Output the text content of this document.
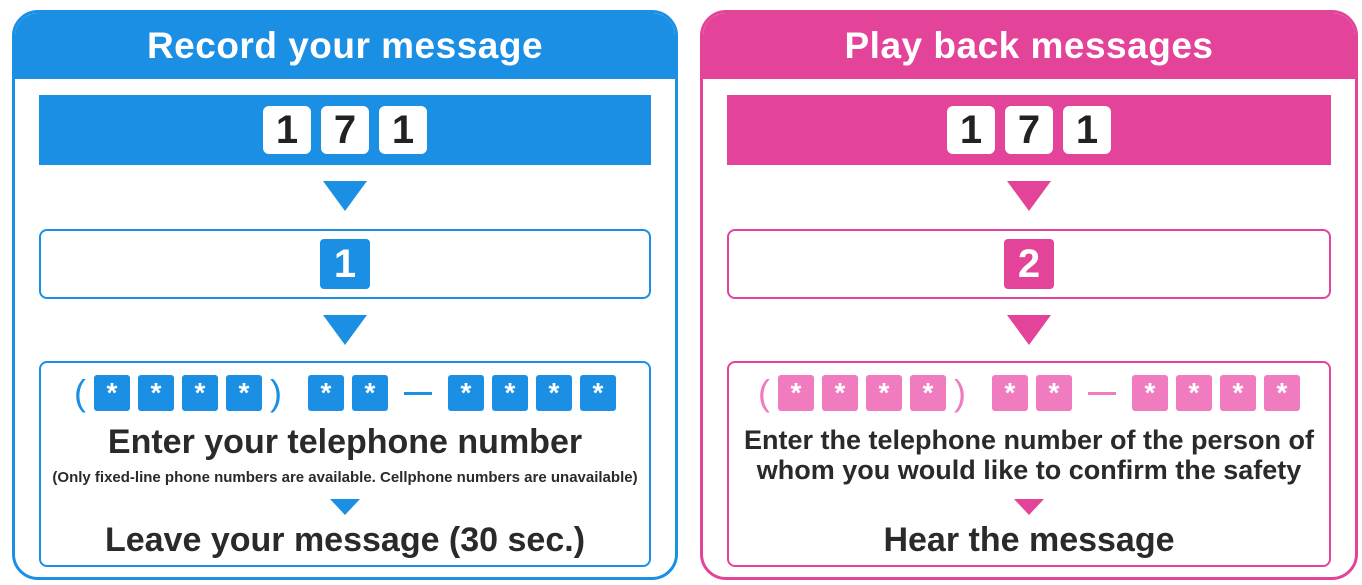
Record your message
1 7 1
1
( *	*	*	* )	*	*	*	*	*	*
Enter your telephone number
(Only fixed-line phone numbers are available. Cellphone numbers are unavailable)
Leave your message (30 sec.)
Play back messages
1 7 1
2
( *	*	*	* )	*	*	*	*	*	*
Enter the telephone number of the person of
whom you would like to confirm the safety
Hear the message
